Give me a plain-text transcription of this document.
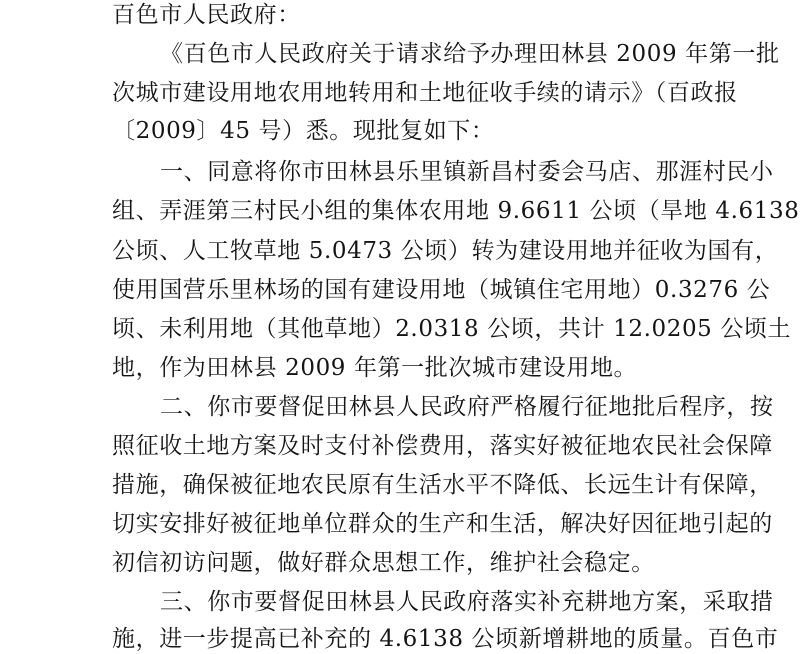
百色市人民政府：
《百色市人民政府关于请求给予办理田林县 2009 年第一批
次城市建设用地农用地转用和土地征收手续的请示》（百政报
〔2009〕45 号）悉。现批复如下：
一、同意将你市田林县乐里镇新昌村委会马店、那涯村民小
组、弄涯第三村民小组的集体农用地 9.6611 公顷（旱地 4.6138
公顷、人工牧草地 5.0473 公顷）转为建设用地并征收为国有，
使用国营乐里林场的国有建设用地（城镇住宅用地）0.3276 公
顷、未利用地（其他草地）2.0318 公顷，共计 12.0205 公顷土
地，作为田林县 2009 年第一批次城市建设用地。
二、你市要督促田林县人民政府严格履行征地批后程序，按
照征收土地方案及时支付补偿费用，落实好被征地农民社会保障
措施，确保被征地农民原有生活水平不降低、长远生计有保障，
切实安排好被征地单位群众的生产和生活，解决好因征地引起的
初信初访问题，做好群众思想工作，维护社会稳定。
三、你市要督促田林县人民政府落实补充耕地方案，采取措
施，进一步提高已补充的 4.6138 公顷新增耕地的质量。百色市
